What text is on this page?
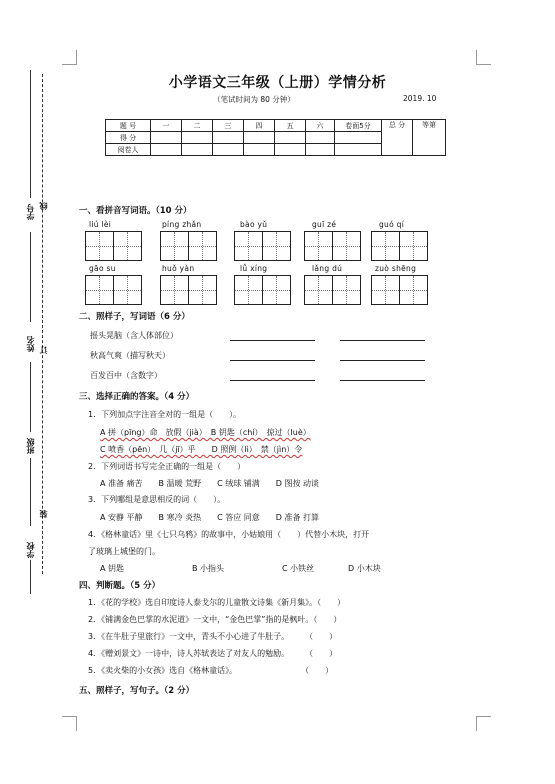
学号 线
姓名 订
班级
装
学校
小学语文三年级（上册）学情分析
（笔试时间为 80 分钟）	2019. 10
题 号	一	二	三	四	五	六	卷面5分	总 分	等第

得 分									
阅卷人									
一、看拼音写词语。（10 分）
liú lèi	píng zhǎn	bào yǔ	guī zé	guó qí
gāo su	huǒ yàn	lǚ xíng	lǎng dú	zuò shēng
二、照样子，写词语（6 分）
摇头晃脑（含人体部位）
秋高气爽（描写秋天）
百发百中（含数字）
三、选择正确的答案。（4 分）
1．下列加点字注音全对的一组是（　　）。
A 拼（pīng）命　放假（jià）　B 钥匙（chí）　掠过（luè）
C 喷香（pēn）　几（jī）乎　　D 照例（lì）　禁（jìn）令
2．下列词语书写完全正确的一组是（　　）
A 准备 痛苦　　B 温暖 荒野　　C 绒球 铺满　　D 图按 动谈
3．下列哪组是意思相反的词（　　）。
A 安静 平静　　B 寒冷 炎热　　C 答应 同意　　D 准备 打算
4．《格林童话》里《七只乌鸦》的故事中，小姑娘用（　　）代替小木块，打开
了玻璃上城堡的门。
A 钥匙	B 小指头	C 小铁丝	D 小木块
四、判断题。（5 分）
1．《花的学校》选自印度诗人泰戈尔的儿童散文诗集《新月集》。（　　）
2．《铺满金色巴掌的水泥道》一文中，“金色巴掌”指的是枫叶。（　　）
3．《在牛肚子里旅行》一文中，青头不小心进了牛肚子。　　　（　　）
4．《赠刘景文》一诗中，诗人苏轼表达了对友人的勉励。　　　（　　）
5．《卖火柴的小女孩》选自《格林童话》。　　　　　　　　　（　　）
五、照样子，写句子。（2 分）
